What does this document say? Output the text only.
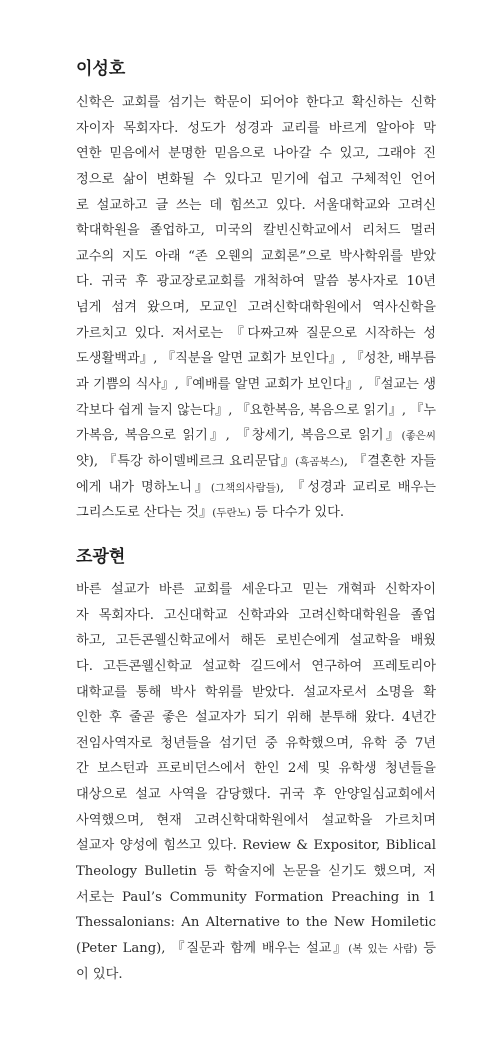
이성호
신학은 교회를 섬기는 학문이 되어야 한다고 확신하는 신학
자이자 목회자다. 성도가 성경과 교리를 바르게 알아야 막
연한 믿음에서 분명한 믿음으로 나아갈 수 있고, 그래야 진
정으로 삶이 변화될 수 있다고 믿기에 쉽고 구체적인 언어
로 설교하고 글 쓰는 데 힘쓰고 있다. 서울대학교와 고려신
학대학원을 졸업하고, 미국의 칼빈신학교에서 리처드 멀러
교수의 지도 아래 “존 오웬의 교회론”으로 박사학위를 받았
다. 귀국 후 광교장로교회를 개척하여 말씀 봉사자로 10년
넘게 섬겨 왔으며, 모교인 고려신학대학원에서 역사신학을
가르치고 있다. 저서로는 『다짜고짜 질문으로 시작하는 성
도생활백과』, 『직분을 알면 교회가 보인다』, 『성찬, 배부름
과 기쁨의 식사』,『예배를 알면 교회가 보인다』, 『설교는 생
각보다 쉽게 늘지 않는다』, 『요한복음, 복음으로 읽기』, 『누
가복음, 복음으로 읽기』, 『창세기, 복음으로 읽기』(좋은씨
얏), 『특강 하이델베르크 요리문답』(흑곰북스), 『결혼한 자들
에게 내가 명하노니』(그책의사람들), 『성경과 교리로 배우는
그리스도로 산다는 것』(두란노) 등 다수가 있다.
조광현
바른 설교가 바른 교회를 세운다고 믿는 개혁파 신학자이
자 목회자다. 고신대학교 신학과와 고려신학대학원을 졸업
하고, 고든콘웰신학교에서 해돈 로빈슨에게 설교학을 배웠
다. 고든콘웰신학교 설교학 길드에서 연구하여 프레토리아
대학교를 통해 박사 학위를 받았다. 설교자로서 소명을 확
인한 후 줄곧 좋은 설교자가 되기 위해 분투해 왔다. 4년간
전임사역자로 청년들을 섬기던 중 유학했으며, 유학 중 7년
간 보스턴과 프로비던스에서 한인 2세 및 유학생 청년들을
대상으로 설교 사역을 감당했다. 귀국 후 안양일심교회에서
사역했으며, 현재 고려신학대학원에서 설교학을 가르치며
설교자 양성에 힘쓰고 있다. Review & Expositor, Biblical
Theology Bulletin 등 학술지에 논문을 싣기도 했으며, 저
서로는 Paul’s Community Formation Preaching in 1
Thessalonians: An Alternative to the New Homiletic
(Peter Lang), 『질문과 함께 배우는 설교』(복 있는 사람) 등
이 있다.
